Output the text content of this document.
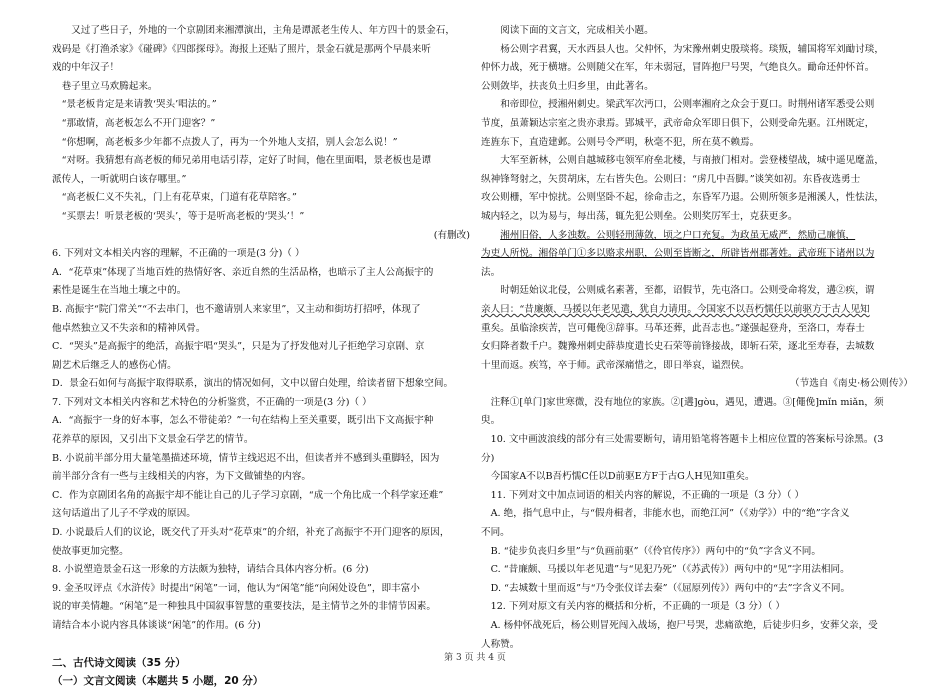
又过了些日子，外地的一个京剧团来湘潭演出，主角是谭派老生传人、年方四十的景金石，

戏码是《打渔杀家》《碰碑》《四郎探母》。海报上还贴了照片，景金石就是那两个早晨来听

戏的中年汉子！

巷子里立马欢腾起来。

“景老板肯定是来请教‘哭头’唱法的。”

“那敢情，高老板怎么不开门迎客？”

“你想啊，高老板多少年都不点拨人了，再为一个外地人支招，别人会怎么说！”

“对呀。我猜想有高老板的师兄弟用电话引荐，定好了时间，他在里面唱，景老板也是谭

派传人，一听就明白该存哪里。”

“高老板仁义不失礼，门上有花草束，门道有花草陪客。”

“买票去！听景老板的‘哭头’，等于是听高老板的‘哭头’！”

(有删改)

6. 下列对文本相关内容的理解，不正确的一项是(3 分)（ ）

A．“花草束”体现了当地百姓的热情好客、亲近自然的生活品格，也暗示了主人公高振宇的

素性是诞生在当地土壤之中的。

B. 高振宇“院门常关”“不去串门，也不邀请别人来家里”，又主动和街坊打招呼，体现了

他卓然独立又不失亲和的精神风骨。

C．“哭头”是高振宇的绝活，高振宇唱“哭头”，只是为了抒发他对儿子拒绝学习京剧、京

剧艺术后继乏人的感伤心情。

D．景金石如何与高振宇取得联系，演出的情况如何，文中以留白处理，给读者留下想象空间。

7. 下列对文本相关内容和艺术特色的分析鉴赏，不正确的一项是(3 分)（ ）

A．“高振宇一身的好本事，怎么不带徒弟？”一句在结构上至关重要，既引出下文高振宇种

花养草的原因，又引出下文景金石学艺的情节。

B. 小说前半部分用大量笔墨描述环境，情节主线迟迟不出，但读者并不感到头重脚轻，因为

前半部分含有一些与主线相关的内容，为下文做铺垫的内容。

C．作为京剧团名角的高振宇却不能让自己的儿子学习京剧，“成一个角比成一个科学家还难”

这句话道出了儿子不学戏的原因。

D. 小说最后人们的议论，既交代了开头对“花草束”的介绍，补充了高振宇不开门迎客的原因，

使故事更加完整。

8. 小说塑造景金石这一形象的方法颇为独特，请结合具体内容分析。(6 分)

9. 金圣叹评点《水浒传》时提出“闲笔”一词，他认为“闲笔”能“向闲处设色”，即丰富小

说的审美情趣。“闲笔”是一种独具中国叙事智慧的重要技法，是主情节之外的非情节因素。

请结合本小说内容具体谈谈“闲笔”的作用。(6 分)

二、古代诗文阅读（35 分）

（一）文言文阅读（本题共 5 小题，20 分）

阅读下面的文言文，完成相关小题。

杨公则字君翼，天水西县人也。父仲怀，为宋豫州刺史殷琰将。琰叛，辅国将军刘勔讨琰，

仲怀力战，死于横塘。公则随父在军，年未弱冠，冒阵抱尸号哭，气绝良久。勔命还仲怀首。

公则敛毕，扶丧负土归乡里，由此著名。

和帝即位，授湘州刺史。梁武军次沔口，公则率湘府之众会于夏口。时荆州诸军悉受公则

节度，虽萧颖达宗室之贵亦隶焉。郢城平，武帝命众军即日俱下，公则受命先驱。江州既定，

连旌东下，直造建邺。公则号令严明，秋毫不犯，所在莫不赖焉。

大军至新林，公则自越城移屯领军府垒北楼，与南掖门相对。尝登楼望战，城中遥见麾盖，

纵神锋弩射之，矢贯胡床，左右皆失色。公则曰：“虏几中吾脚。”谈笑如初。东昏夜选勇士

攻公则栅，军中惊扰。公则坚卧不起，徐命击之，东昏军乃退。公则所领多是湘溪人，性怯法，

城内轻之，以为易与，每出荡，辄先犯公则垒。公则奖厉军士，克获更多。

湘州旧俗，人多浊数。公则轻刑薄敛，顷之户口充复。为政虽无威严，然励己廉慎，

为吏人所悦。湘俗单门①多以赂求州职，公则至皆断之，所辟皆州郡著姓。武帝班下诸州以为

法。

时朝廷始议北侵，公则威名素著，至都，诏假节，先屯洛口。公则受命将发，遘②疾，谓

亲人曰：“昔廉颇、马援以年老见遣，犹自力请用。今国家不以吾朽懦任以前驱方于古人见知

重矣。虽临涂疾苦，岂可僶俛③辞事。马革还葬，此吾志也。”遂强起登舟，至洛口，寿春士

女归降者数千户。魏豫州刺史薛恭度遣长史石荣等前锋接战，即斩石荣，逐北至寿春，去城数

十里而返。疾笃，卒于师。武帝深痛惜之，即日举哀，谥烈侯。

（节选自《南史·杨公则传》）

注释①[单门]家世寒微，没有地位的家族。②[遘]gòu，遇见，遭遇。③[僶俛]mǐn miǎn，须

臾。

10. 文中画波浪线的部分有三处需要断句，请用铅笔将答题卡上相应位置的答案标号涂黑。(3

分)

今国家A不以B吾朽懦C任以D前驱E方F于古G人H见知I重矣。

11. 下列对文中加点词语的相关内容的解说，不正确的一项是（3 分）（ ）

A. 绝，指气息中止，与“假舟楫者，非能水也，而绝江河”（《劝学》）中的“绝”字含义

不同。

B. “徒步负丧归乡里”与“负画前驱”（《伶官传序》）两句中的“负”字含义不同。

C. “昔廉颇、马援以年老见遣”与“见犯乃死”（《苏武传》）两句中的“见”字用法相同。

D. “去城数十里而返”与“乃令张仪详去秦”（《屈原列传》）两句中的“去”字含义不同。

12. 下列对原文有关内容的概括和分析，不正确的一项是（3 分）（ ）

A. 杨仲怀战死后，杨公则冒死闯入战场，抱尸号哭，悲痛欲绝，后徒步归乡，安葬父亲，受

人称赞。

第 3 页 共 4 页
